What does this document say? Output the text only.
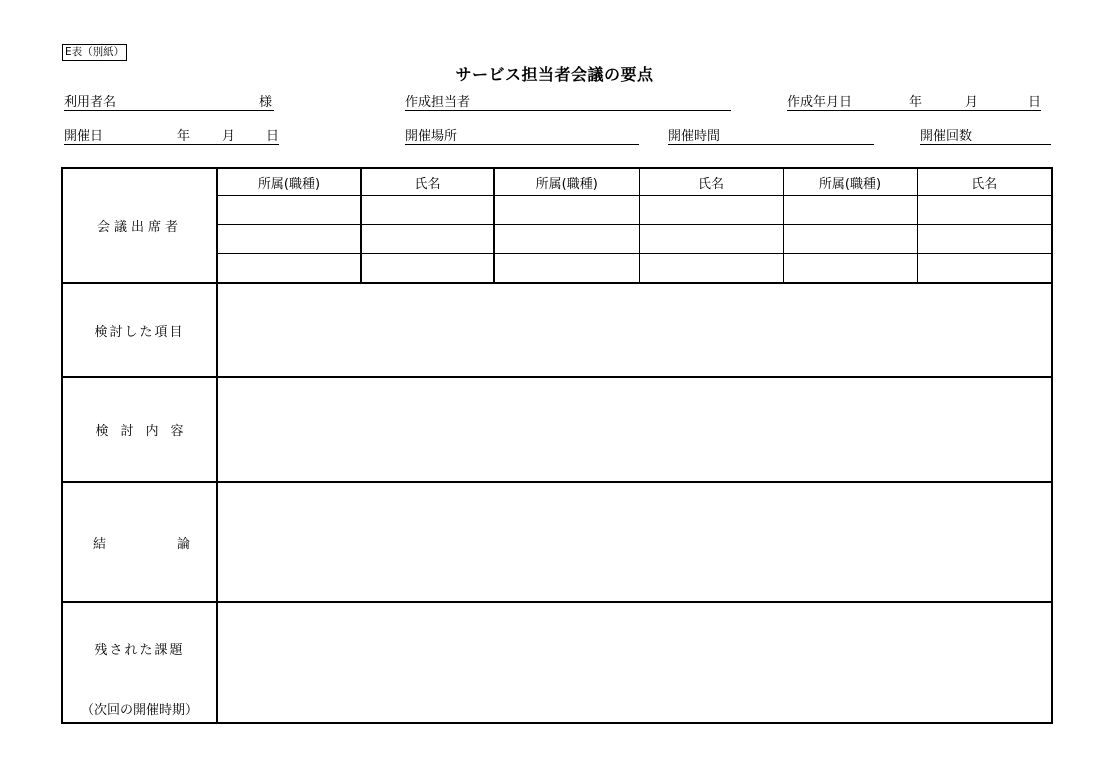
E表（別紙）
サービス担当者会議の要点
利用者名	様	作成担当者	作成年月日	年	月	日
開催日	年 月 日	開催場所	開催時間	開催回数
会議出席者	所属(職種)	氏名	所属(職種)	氏名	所属(職種)	氏名

検討した項目						
検討内容						

結 論						

残された課題
（次回の開催時期）						
